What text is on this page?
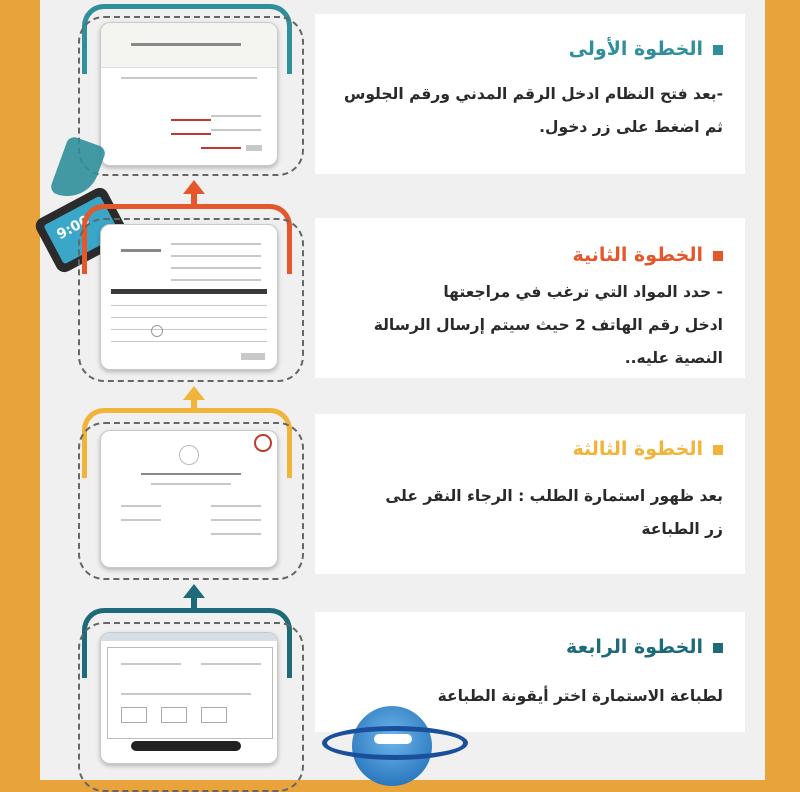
الخطوة الأولى
-بعد فتح النظام ادخل الرقم المدني ورقم الجلوس
ثم اضغط على زر دخول.
الخطوة الثانية
- حدد المواد التي ترغب في مراجعتها
ادخل رقم الهاتف 2 حيث سيتم إرسال الرسالة
النصية عليه..
الخطوة الثالثة
بعد ظهور استمارة الطلب : الرجاء النقر على
زر الطباعة
الخطوة الرابعة
لطباعة الاستمارة اختر أيقونة الطباعة
9:00
